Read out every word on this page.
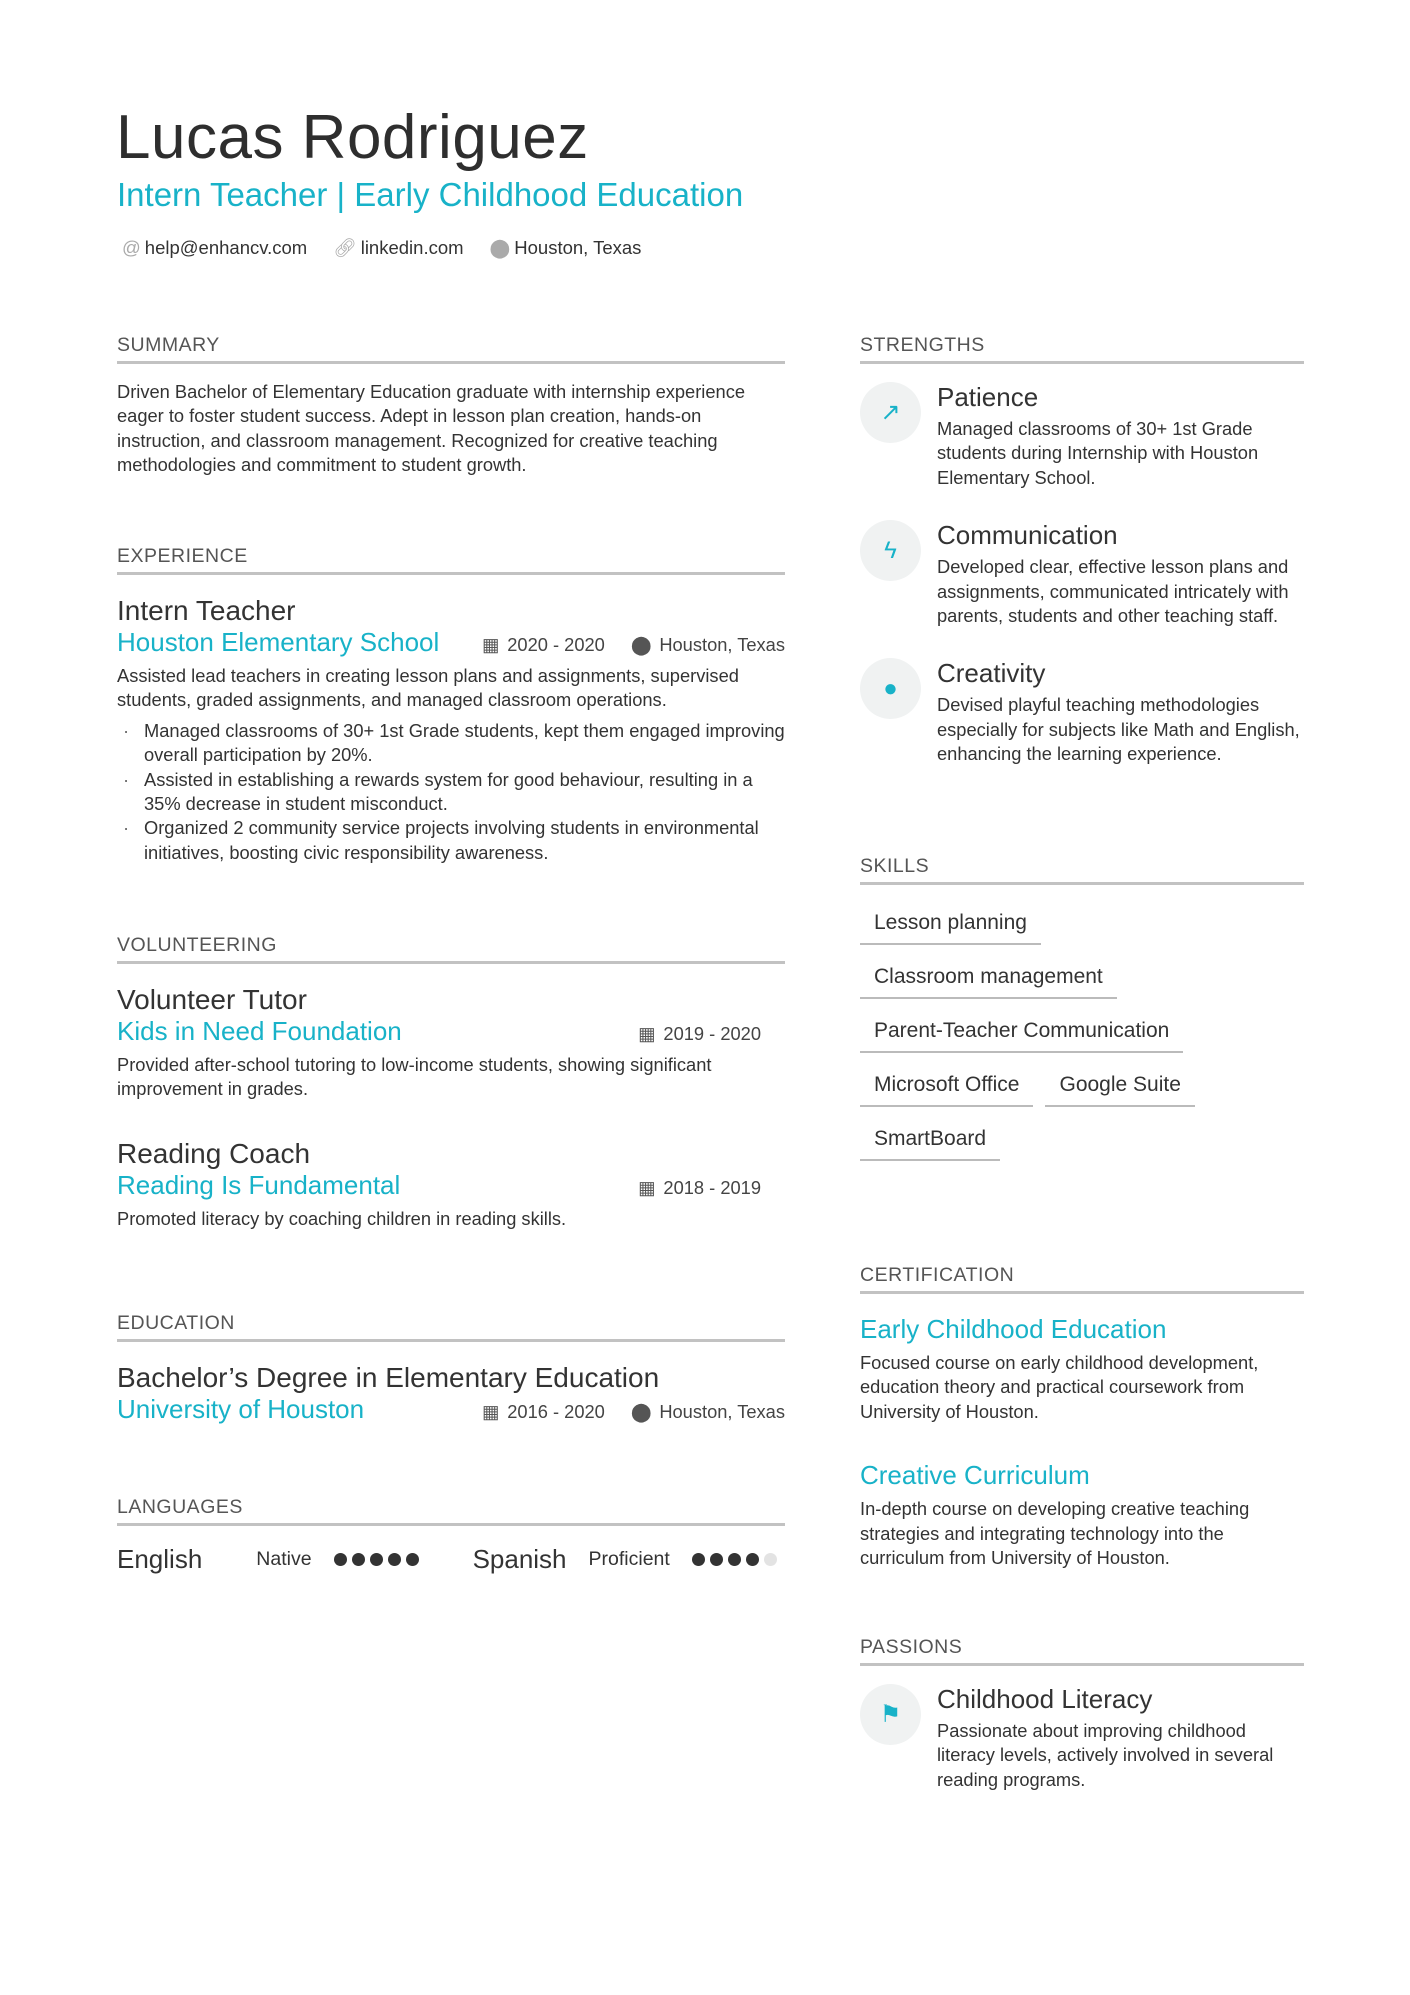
Lucas Rodriguez
Intern Teacher | Early Childhood Education
@ help@enhancv.com 🔗︎ linkedin.com ⬤ Houston, Texas
SUMMARY
Driven Bachelor of Elementary Education graduate with internship experience eager to foster student success. Adept in lesson plan creation, hands-on instruction, and classroom management. Recognized for creative teaching methodologies and commitment to student growth.
EXPERIENCE
Intern Teacher
Houston Elementary School ▦ 2020 - 2020 ⬤ Houston, Texas
Assisted lead teachers in creating lesson plans and assignments, supervised students, graded assignments, and managed classroom operations.
· Managed classrooms of 30+ 1st Grade students, kept them engaged improving overall participation by 20%.
· Assisted in establishing a rewards system for good behaviour, resulting in a 35% decrease in student misconduct.
· Organized 2 community service projects involving students in environmental initiatives, boosting civic responsibility awareness.
VOLUNTEERING
Volunteer Tutor
Kids in Need Foundation	▦ 2019 - 2020
Provided after-school tutoring to low-income students, showing significant improvement in grades.
Reading Coach
Reading Is Fundamental	▦ 2018 - 2019
Promoted literacy by coaching children in reading skills.
EDUCATION
Bachelor’s Degree in Elementary Education
University of Houston	▦ 2016 - 2020 ⬤ Houston, Texas
LANGUAGES
English	Native	Spanish Proficient
STRENGTHS
↗
Patience
Managed classrooms of 30+ 1st Grade students during Internship with Houston Elementary School.
ϟ	Communication
Developed clear, effective lesson plans and assignments, communicated intricately with parents, students and other teaching staff.
●	Creativity
Devised playful teaching methodologies especially for subjects like Math and English, enhancing the learning experience.
SKILLS
Lesson planning
Classroom management
Parent-Teacher Communication
Microsoft Office Google Suite
SmartBoard
CERTIFICATION
Early Childhood Education
Focused course on early childhood development, education theory and practical coursework from University of Houston.
Creative Curriculum
In-depth course on developing creative teaching strategies and integrating technology into the curriculum from University of Houston.
PASSIONS
⚑
Childhood Literacy
Passionate about improving childhood literacy levels, actively involved in several reading programs.
